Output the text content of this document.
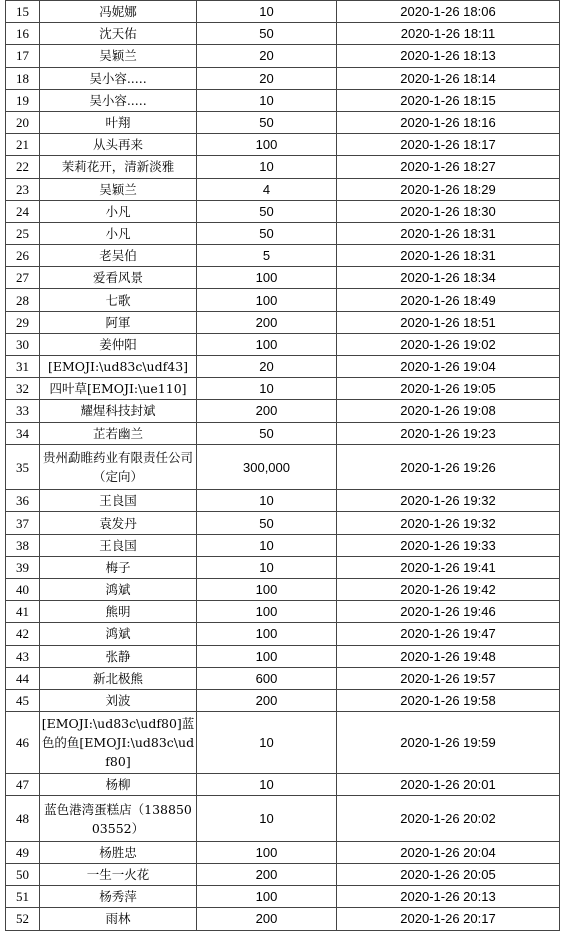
15	冯妮娜	10	2020-1-26 18:06
16	沈天佑	50	2020-1-26 18:11
17	吴颖兰	20	2020-1-26 18:13
18	吴小容.....	20	2020-1-26 18:14
19	吴小容.....	10	2020-1-26 18:15
20	叶翔	50	2020-1-26 18:16
21	从头再来	100	2020-1-26 18:17
22	茉莉花开，清新淡雅	10	2020-1-26 18:27
23	吴颖兰	4	2020-1-26 18:29
24	小凡	50	2020-1-26 18:30
25	小凡	50	2020-1-26 18:31
26	老吴伯	5	2020-1-26 18:31
27	爱看风景	100	2020-1-26 18:34
28	七歌	100	2020-1-26 18:49
29	阿軍	200	2020-1-26 18:51
30	姜仲阳	100	2020-1-26 19:02
31	[EMOJI:\ud83c\udf43]	20	2020-1-26 19:04
32	四叶草[EMOJI:\ue110]	10	2020-1-26 19:05
33	耀煋科技封斌	200	2020-1-26 19:08
34	芷若幽兰	50	2020-1-26 19:23
35	贵州勐睢药业有限责任公司（定向）	300,000	2020-1-26 19:26
36	王良国	10	2020-1-26 19:32
37	袁发丹	50	2020-1-26 19:32
38	王良国	10	2020-1-26 19:33
39	梅子	10	2020-1-26 19:41
40	鸿斌	100	2020-1-26 19:42
41	熊明	100	2020-1-26 19:46
42	鸿斌	100	2020-1-26 19:47
43	张静	100	2020-1-26 19:48
44	新北极熊	600	2020-1-26 19:57
45	刘波	200	2020-1-26 19:58
46	[EMOJI:\ud83c\udf80]蓝色的鱼[EMOJI:\ud83c\udf80]	10	2020-1-26 19:59
47	杨柳	10	2020-1-26 20:01
48	蓝色港湾蛋糕店（13885003552）	10	2020-1-26 20:02
49	杨胜忠	100	2020-1-26 20:04
50	一生一火花	200	2020-1-26 20:05
51	杨秀萍	100	2020-1-26 20:13
52	雨林	200	2020-1-26 20:17
